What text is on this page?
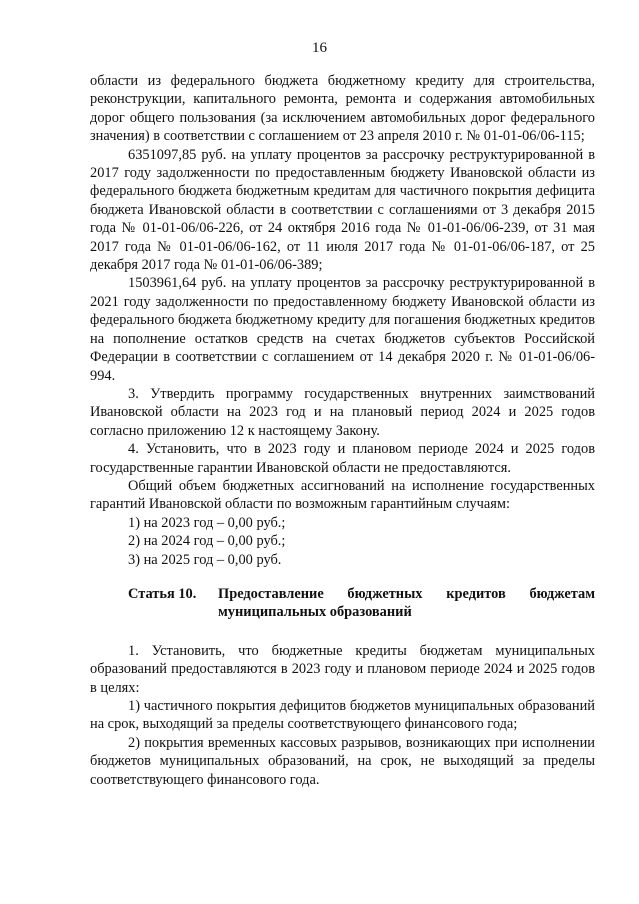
16

области из федерального бюджета бюджетному кредиту для строительства, реконструкции, капитального ремонта, ремонта и содержания автомобильных дорог общего пользования (за исключением автомобильных дорог федерального значения) в соответствии с соглашением от 23 апреля 2010 г. № 01-01-06/06-115;

6351097,85 руб. на уплату процентов за рассрочку реструктурированной в 2017 году задолженности по предоставленным бюджету Ивановской области из федерального бюджета бюджетным кредитам для частичного покрытия дефицита бюджета Ивановской области в соответствии с соглашениями от 3 декабря 2015 года № 01-01-06/06-226, от 24 октября 2016 года № 01-01-06/06-239, от 31 мая 2017 года № 01-01-06/06-162, от 11 июля 2017 года № 01-01-06/06-187, от 25 декабря 2017 года № 01-01-06/06-389;

1503961,64 руб. на уплату процентов за рассрочку реструктурированной в 2021 году задолженности по предоставленному бюджету Ивановской области из федерального бюджета бюджетному кредиту для погашения бюджетных кредитов на пополнение остатков средств на счетах бюджетов субъектов Российской Федерации в соответствии с соглашением от 14 декабря 2020 г. № 01-01-06/06-994.

3. Утвердить программу государственных внутренних заимствований Ивановской области на 2023 год и на плановый период 2024 и 2025 годов согласно приложению 12 к настоящему Закону.

4. Установить, что в 2023 году и плановом периоде 2024 и 2025 годов государственные гарантии Ивановской области не предоставляются.

Общий объем бюджетных ассигнований на исполнение государственных гарантий Ивановской области по возможным гарантийным случаям:

1) на 2023 год – 0,00 руб.;

2) на 2024 год – 0,00 руб.;

3) на 2025 год – 0,00 руб.

Статья 10.	Предоставление бюджетных кредитов бюджетам муниципальных образований

1. Установить, что бюджетные кредиты бюджетам муниципальных образований предоставляются в 2023 году и плановом периоде 2024 и 2025 годов в целях:

1) частичного покрытия дефицитов бюджетов муниципальных образований на срок, выходящий за пределы соответствующего финансового года;

2) покрытия временных кассовых разрывов, возникающих при исполнении бюджетов муниципальных образований, на срок, не выходящий за пределы соответствующего финансового года.
